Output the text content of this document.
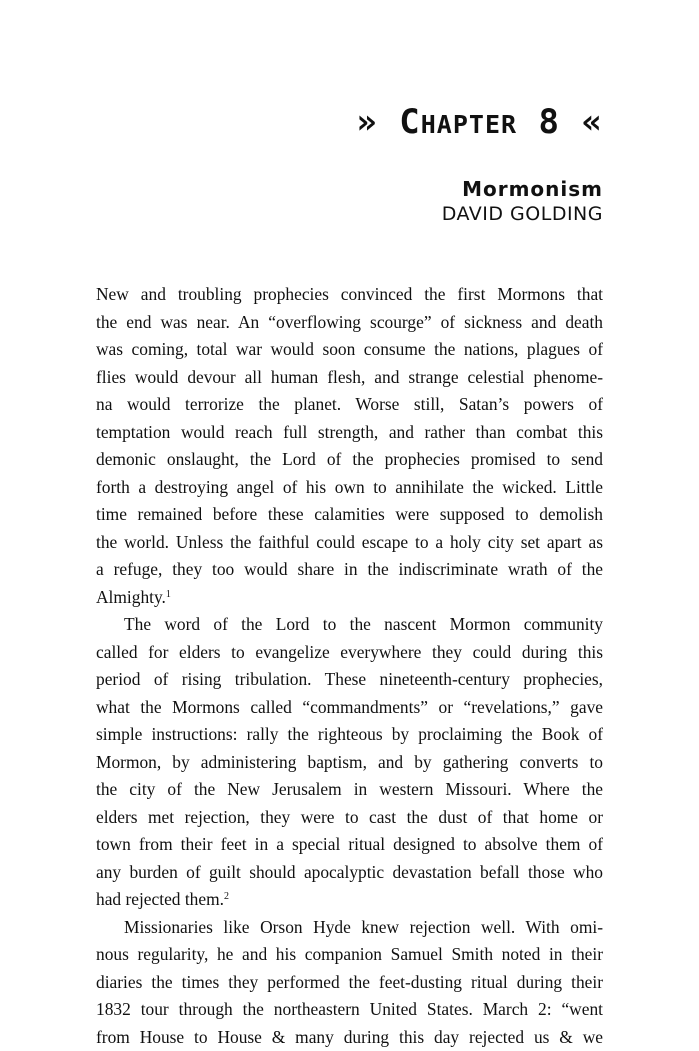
» CHAPTER 8 «
Mormonism
DAVID GOLDING
New and troubling prophecies convinced the first Mormons that
the end was near. An “overflowing scourge” of sickness and death
was coming, total war would soon consume the nations, plagues of
flies would devour all human flesh, and strange celestial phenome-
na would terrorize the planet. Worse still, Satan’s powers of
temptation would reach full strength, and rather than combat this
demonic onslaught, the Lord of the prophecies promised to send
forth a destroying angel of his own to annihilate the wicked. Little
time remained before these calamities were supposed to demolish
the world. Unless the faithful could escape to a holy city set apart as
a refuge, they too would share in the indiscriminate wrath of the
Almighty.$^1$
The word of the Lord to the nascent Mormon community
called for elders to evangelize everywhere they could during this
period of rising tribulation. These nineteenth-century prophecies,
what the Mormons called “commandments” or “revelations,” gave
simple instructions: rally the righteous by proclaiming the Book of
Mormon, by administering baptism, and by gathering converts to
the city of the New Jerusalem in western Missouri. Where the
elders met rejection, they were to cast the dust of that home or
town from their feet in a special ritual designed to absolve them of
any burden of guilt should apocalyptic devastation befall those who
had rejected them.$^2$
Missionaries like Orson Hyde knew rejection well. With omi-
nous regularity, he and his companion Samuel Smith noted in their
diaries the times they performed the feet-dusting ritual during their
1832 tour through the northeastern United States. March 2: “went
from House to House & many during this day rejected us & we
